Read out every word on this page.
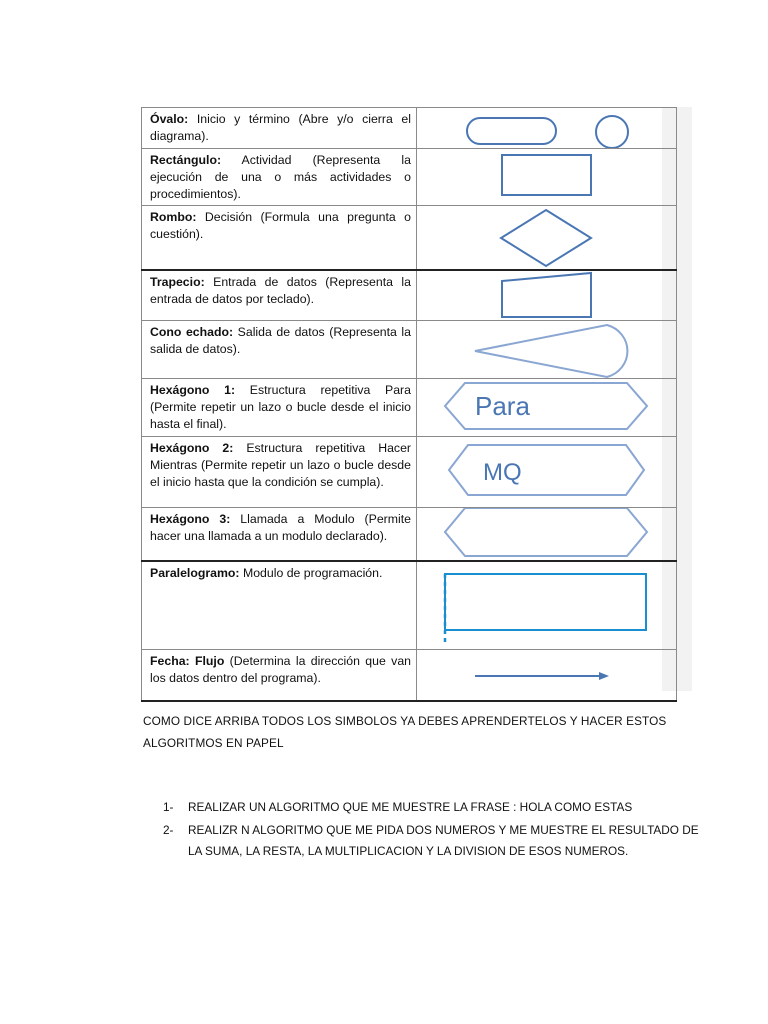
Óvalo: Inicio y término (Abre y/o cierra el diagrama).	

Rectángulo: Actividad (Representa la ejecución de una o más actividades o procedimientos).	

Rombo: Decisión (Formula una pregunta o cuestión).	

Trapecio: Entrada de datos (Representa la entrada de datos por teclado).	

Cono echado: Salida de datos (Representa la salida de datos).	

Hexágono 1: Estructura repetitiva Para (Permite repetir un lazo o bucle desde el inicio hasta el final).	Para

Hexágono 2: Estructura repetitiva Hacer Mientras (Permite repetir un lazo o bucle desde el inicio hasta que la condición se cumpla).	MQ

Hexágono 3: Llamada a Modulo (Permite hacer una llamada a un modulo declarado).	

Paralelogramo: Modulo de programación.	

Fecha: Flujo (Determina la dirección que van los datos dentro del programa).	
COMO DICE ARRIBA TODOS LOS SIMBOLOS YA DEBES APRENDERTELOS Y HACER ESTOS
ALGORITMOS EN PAPEL
1- REALIZAR UN ALGORITMO QUE ME MUESTRE LA FRASE : HOLA COMO ESTAS
2- REALIZR N ALGORITMO QUE ME PIDA DOS NUMEROS Y ME MUESTRE EL RESULTADO DE LA SUMA, LA RESTA, LA MULTIPLICACION Y LA DIVISION DE ESOS NUMEROS.
